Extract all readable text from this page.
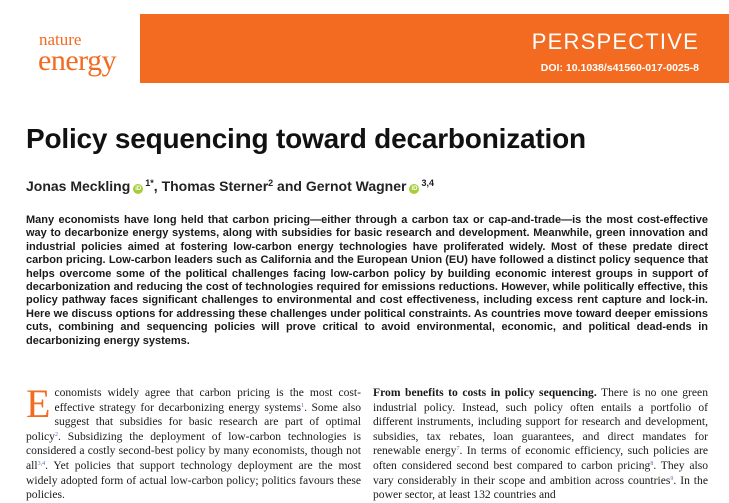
nature
energy
PERSPECTIVE
DOI: 10.1038/s41560-017-0025-8
Policy sequencing toward decarbonization
Jonas Meckling $iD^{1*}$, Thomas Sterner$^2$ and Gernot Wagner iD$^{3,4}$

Many economists have long held that carbon pricing—either through a carbon tax or cap-and-trade—is the most cost-effective way to decarbonize energy systems, along with subsidies for basic research and development. Meanwhile, green innovation and industrial policies aimed at fostering low-carbon energy technologies have proliferated widely. Most of these predate direct carbon pricing. Low-carbon leaders such as California and the European Union (EU) have followed a distinct policy sequence that helps overcome some of the political challenges facing low-carbon policy by building economic interest groups in support of decarbonization and reducing the cost of technologies required for emissions reductions. However, while politically effective, this policy pathway faces significant challenges to environmental and cost effectiveness, including excess rent capture and lock-in. Here we discuss options for addressing these challenges under political constraints. As countries move toward deeper emissions cuts, combining and sequencing policies will prove critical to avoid environmental, economic, and political dead-ends in decarbonizing energy systems.

Economists widely agree that carbon pricing is the most cost-effective strategy for decarbonizing energy systems$^1$. Some also suggest that subsidies for basic research are part of optimal policy$^2$. Subsidizing the deployment of low-carbon technologies is considered a costly second-best policy by many economists, though not all$^{3,4}$. Yet policies that support technology deployment are the most widely adopted form of actual low-carbon policy; politics favours these policies.

From benefits to costs in policy sequencing. There is no one green industrial policy. Instead, such policy often entails a portfolio of different instruments, including support for research and development, subsidies, tax rebates, loan guarantees, and direct mandates for renewable energy$^7$. In terms of economic efficiency, such policies are often considered second best compared to carbon pricing$^8$. They also vary considerably in their scope and ambition across countries$^9$. In the power sector, at least 132 countries and
